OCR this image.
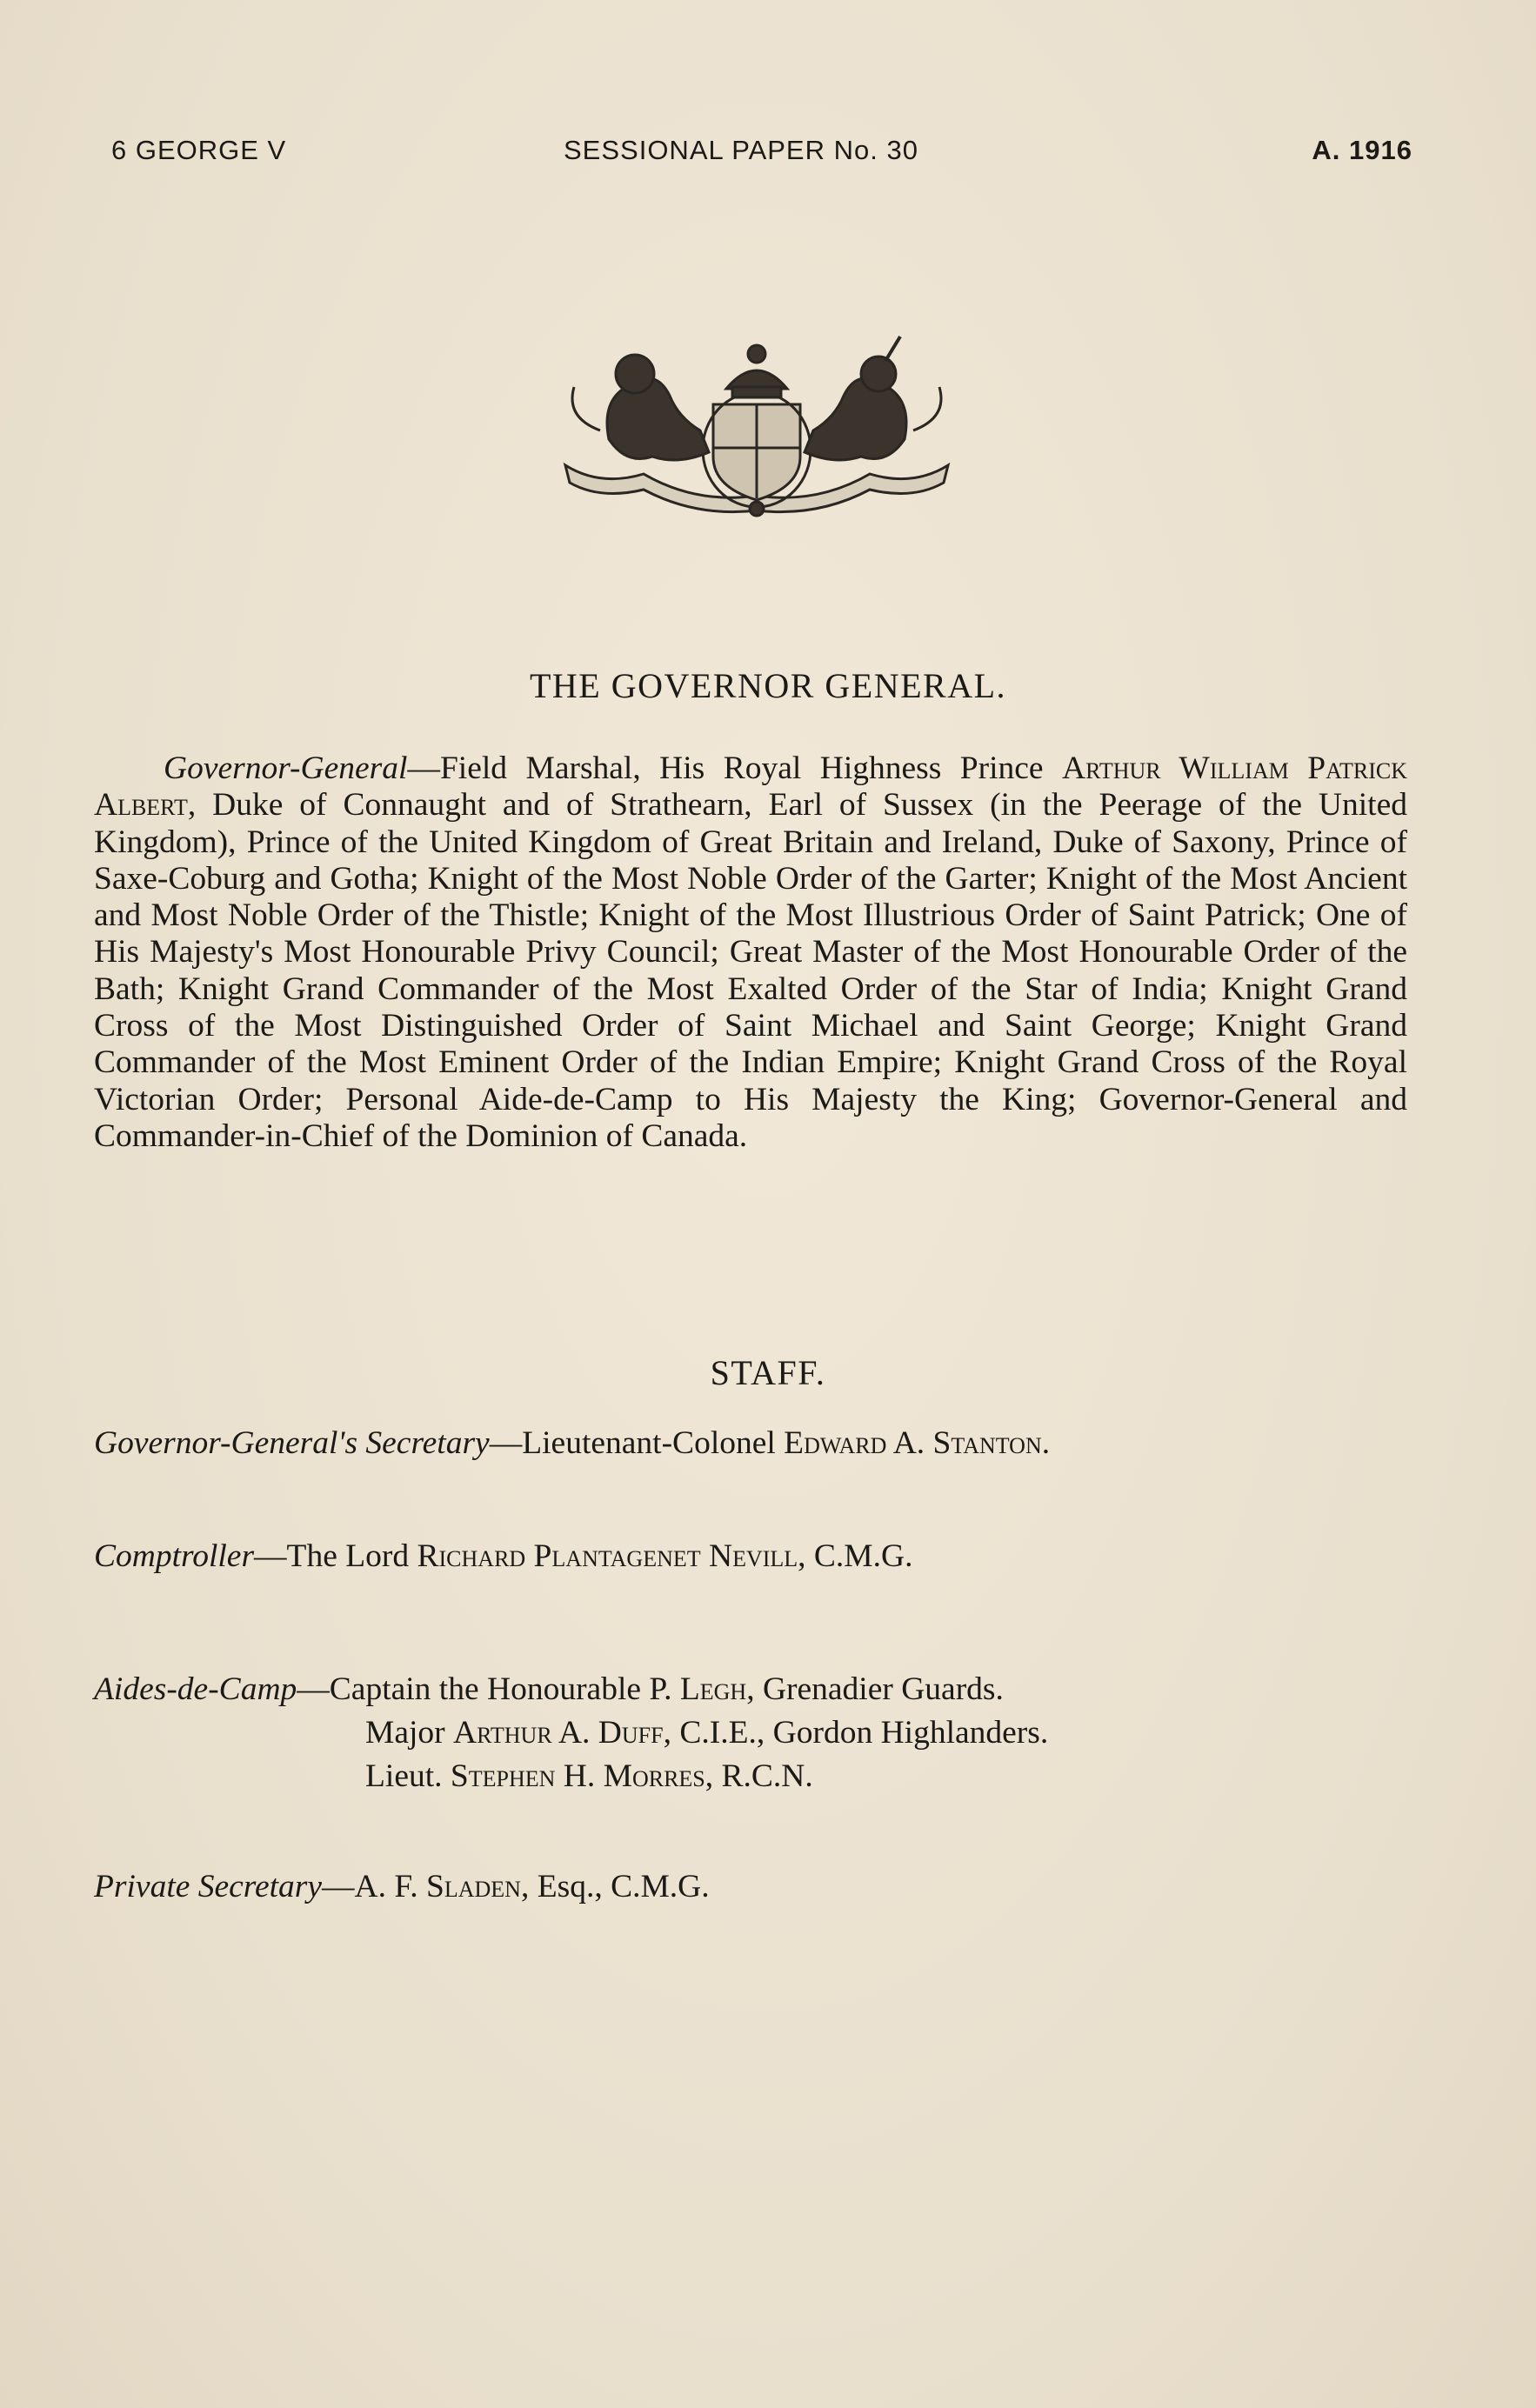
6 GEORGE V	SESSIONAL PAPER No. 30	A. 1916
THE GOVERNOR GENERAL.
Governor-General—Field Marshal, His Royal Highness Prince Arthur William Patrick Albert, Duke of Connaught and of Strathearn, Earl of Sussex (in the Peerage of the United Kingdom), Prince of the United Kingdom of Great Britain and Ireland, Duke of Saxony, Prince of Saxe-Coburg and Gotha; Knight of the Most Noble Order of the Garter; Knight of the Most Ancient and Most Noble Order of the Thistle; Knight of the Most Illustrious Order of Saint Patrick; One of His Majesty's Most Honourable Privy Council; Great Master of the Most Honourable Order of the Bath; Knight Grand Commander of the Most Exalted Order of the Star of India; Knight Grand Cross of the Most Distinguished Order of Saint Michael and Saint George; Knight Grand Commander of the Most Eminent Order of the Indian Empire; Knight Grand Cross of the Royal Victorian Order; Personal Aide-de-Camp to His Majesty the King; Governor-General and Commander-in-Chief of the Dominion of Canada.
STAFF.
Governor-General's Secretary—Lieutenant-Colonel Edward A. Stanton.
Comptroller—The Lord Richard Plantagenet Nevill, C.M.G.
Aides-de-Camp—Captain the Honourable P. Legh, Grenadier Guards.
Major Arthur A. Duff, C.I.E., Gordon Highlanders.
Lieut. Stephen H. Morres, R.C.N.
Private Secretary—A. F. Sladen, Esq., C.M.G.
